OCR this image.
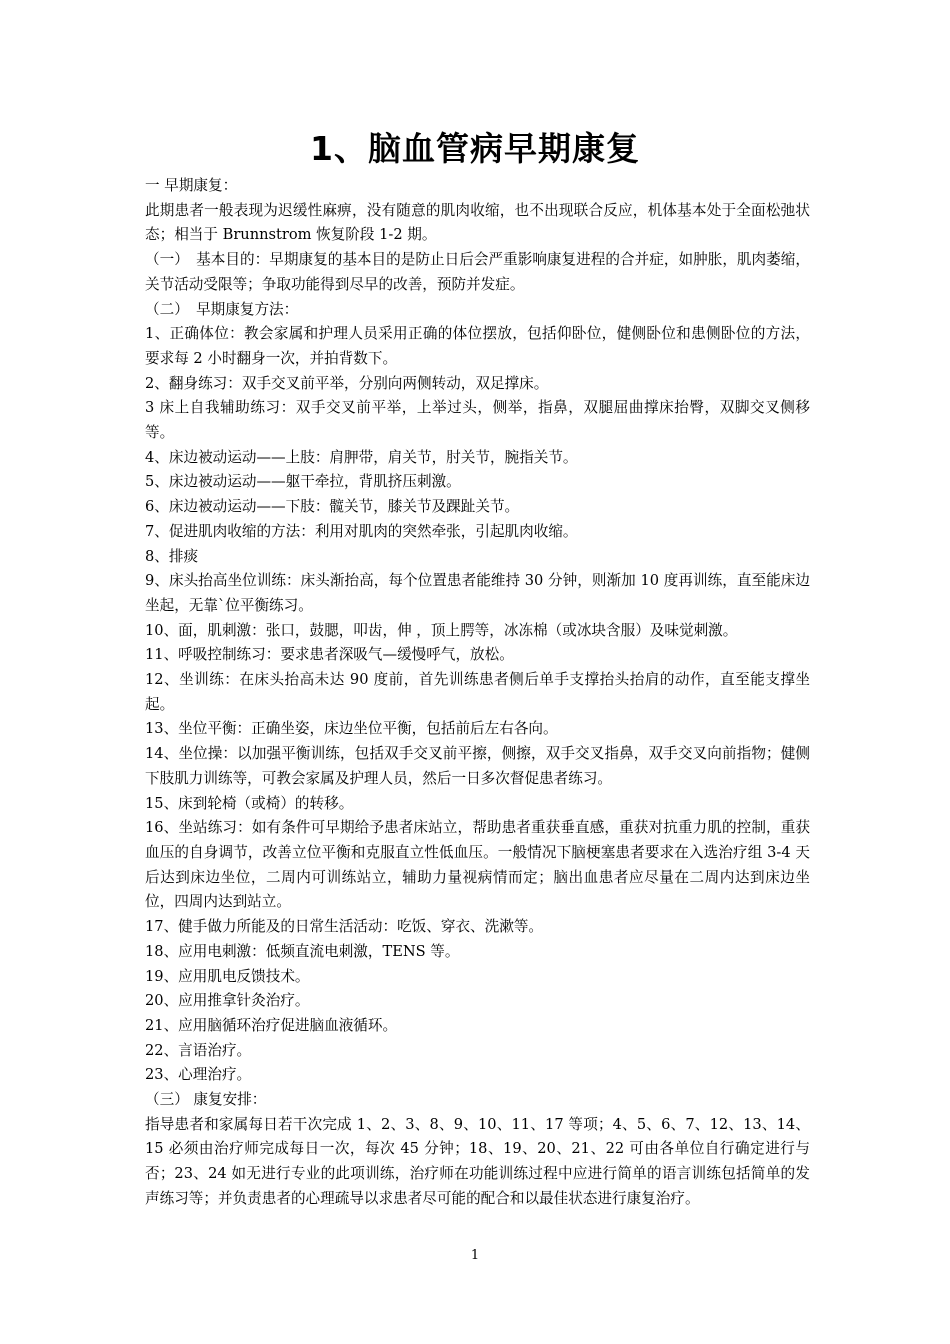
1、脑血管病早期康复

一 早期康复：

此期患者一般表现为迟缓性麻痹，没有随意的肌肉收缩，也不出现联合反应，机体基本处于全面松弛状态；相当于 Brunnstrom 恢复阶段 1-2 期。

（一）　基本目的：早期康复的基本目的是防止日后会严重影响康复进程的合并症，如肿胀，肌肉萎缩，关节活动受限等；争取功能得到尽早的改善，预防并发症。

（二）　早期康复方法：

1、正确体位：教会家属和护理人员采用正确的体位摆放，包括仰卧位，健侧卧位和患侧卧位的方法，要求每 2 小时翻身一次，并拍背数下。

2、翻身练习：双手交叉前平举，分别向两侧转动，双足撑床。

3 床上自我辅助练习：双手交叉前平举，上举过头，侧举，指鼻，双腿屈曲撑床抬臀，双脚交叉侧移等。

4、床边被动运动——上肢：肩胛带，肩关节，肘关节，腕指关节。

5、床边被动运动——躯干牵拉，背肌挤压刺激。

6、床边被动运动——下肢：髋关节，膝关节及踝趾关节。

7、促进肌肉收缩的方法：利用对肌肉的突然牵张，引起肌肉收缩。

8、排痰

9、床头抬高坐位训练：床头渐抬高，每个位置患者能维持 30 分钟，则渐加 10 度再训练，直至能床边坐起，无靠`位平衡练习。

10、面，肌刺激：张口，鼓腮，叩齿，伸 ，顶上腭等，冰冻棉（或冰块含服）及味觉刺激。

11、呼吸控制练习：要求患者深吸气—缓慢呼气，放松。

12、坐训练：在床头抬高未达 90 度前，首先训练患者侧后单手支撑抬头抬肩的动作，直至能支撑坐起。

13、坐位平衡：正确坐姿，床边坐位平衡，包括前后左右各向。

14、坐位操：以加强平衡训练，包括双手交叉前平擦，侧擦，双手交叉指鼻，双手交叉向前指物；健侧下肢肌力训练等，可教会家属及护理人员，然后一日多次督促患者练习。

15、床到轮椅（或椅）的转移。

16、坐站练习：如有条件可早期给予患者床站立，帮助患者重获垂直感，重获对抗重力肌的控制，重获血压的自身调节，改善立位平衡和克服直立性低血压。一般情况下脑梗塞患者要求在入选治疗组 3-4 天后达到床边坐位，二周内可训练站立，辅助力量视病情而定；脑出血患者应尽量在二周内达到床边坐位，四周内达到站立。

17、健手做力所能及的日常生活活动：吃饭、穿衣、洗漱等。

18、应用电刺激：低频直流电刺激，TENS 等。

19、应用肌电反馈技术。

20、应用推拿针灸治疗。

21、应用脑循环治疗促进脑血液循环。

22、言语治疗。

23、心理治疗。

（三） 康复安排：

指导患者和家属每日若干次完成 1、2、3、8、9、10、11、17 等项；4、5、6、7、12、13、14、15 必须由治疗师完成每日一次，每次 45 分钟；18、19、20、21、22 可由各单位自行确定进行与否；23、24 如无进行专业的此项训练，治疗师在功能训练过程中应进行简单的语言训练包括简单的发声练习等；并负责患者的心理疏导以求患者尽可能的配合和以最佳状态进行康复治疗。

1
